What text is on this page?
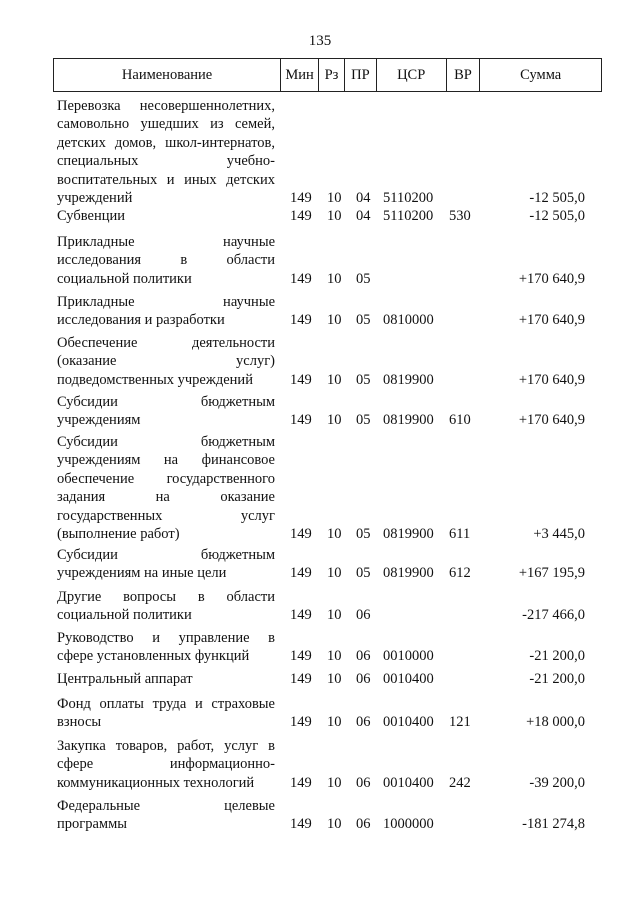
135
Наименование	Мин Рз ПР	ЦСР	ВР	Сумма
Перевозка несовершеннолетних,
самовольно ушедших из семей,
детских домов, школ-интернатов,
специальных учебно-
воспитательных и иных детских
учреждений	149 10 04 5110200	-12 505,0
Субвенции	149 10 04 5110200 530	-12 505,0
Прикладные научные
исследования в области
социальной политики	149 10 05	+170 640,9
Прикладные научные
исследования и разработки	149 10 05 0810000	+170 640,9
Обеспечение деятельности
(оказание услуг)
подведомственных учреждений	149 10 05 0819900	+170 640,9
Субсидии бюджетным
учреждениям	149 10 05 0819900 610	+170 640,9
Субсидии бюджетным
учреждениям на финансовое
обеспечение государственного
задания на оказание
государственных услуг
(выполнение работ)	149 10 05 0819900 611	+3 445,0
Субсидии бюджетным
учреждениям на иные цели	149 10 05 0819900 612	+167 195,9
Другие вопросы в области
социальной политики	149 10 06	-217 466,0
Руководство и управление в
сфере установленных функций	149 10 06 0010000	-21 200,0
Центральный аппарат	149 10 06 0010400	-21 200,0
Фонд оплаты труда и страховые
взносы	149 10 06 0010400 121	+18 000,0
Закупка товаров, работ, услуг в
сфере информационно-
коммуникационных технологий	149 10 06 0010400 242	-39 200,0
Федеральные целевые
программы	149 10 06 1000000	-181 274,8
